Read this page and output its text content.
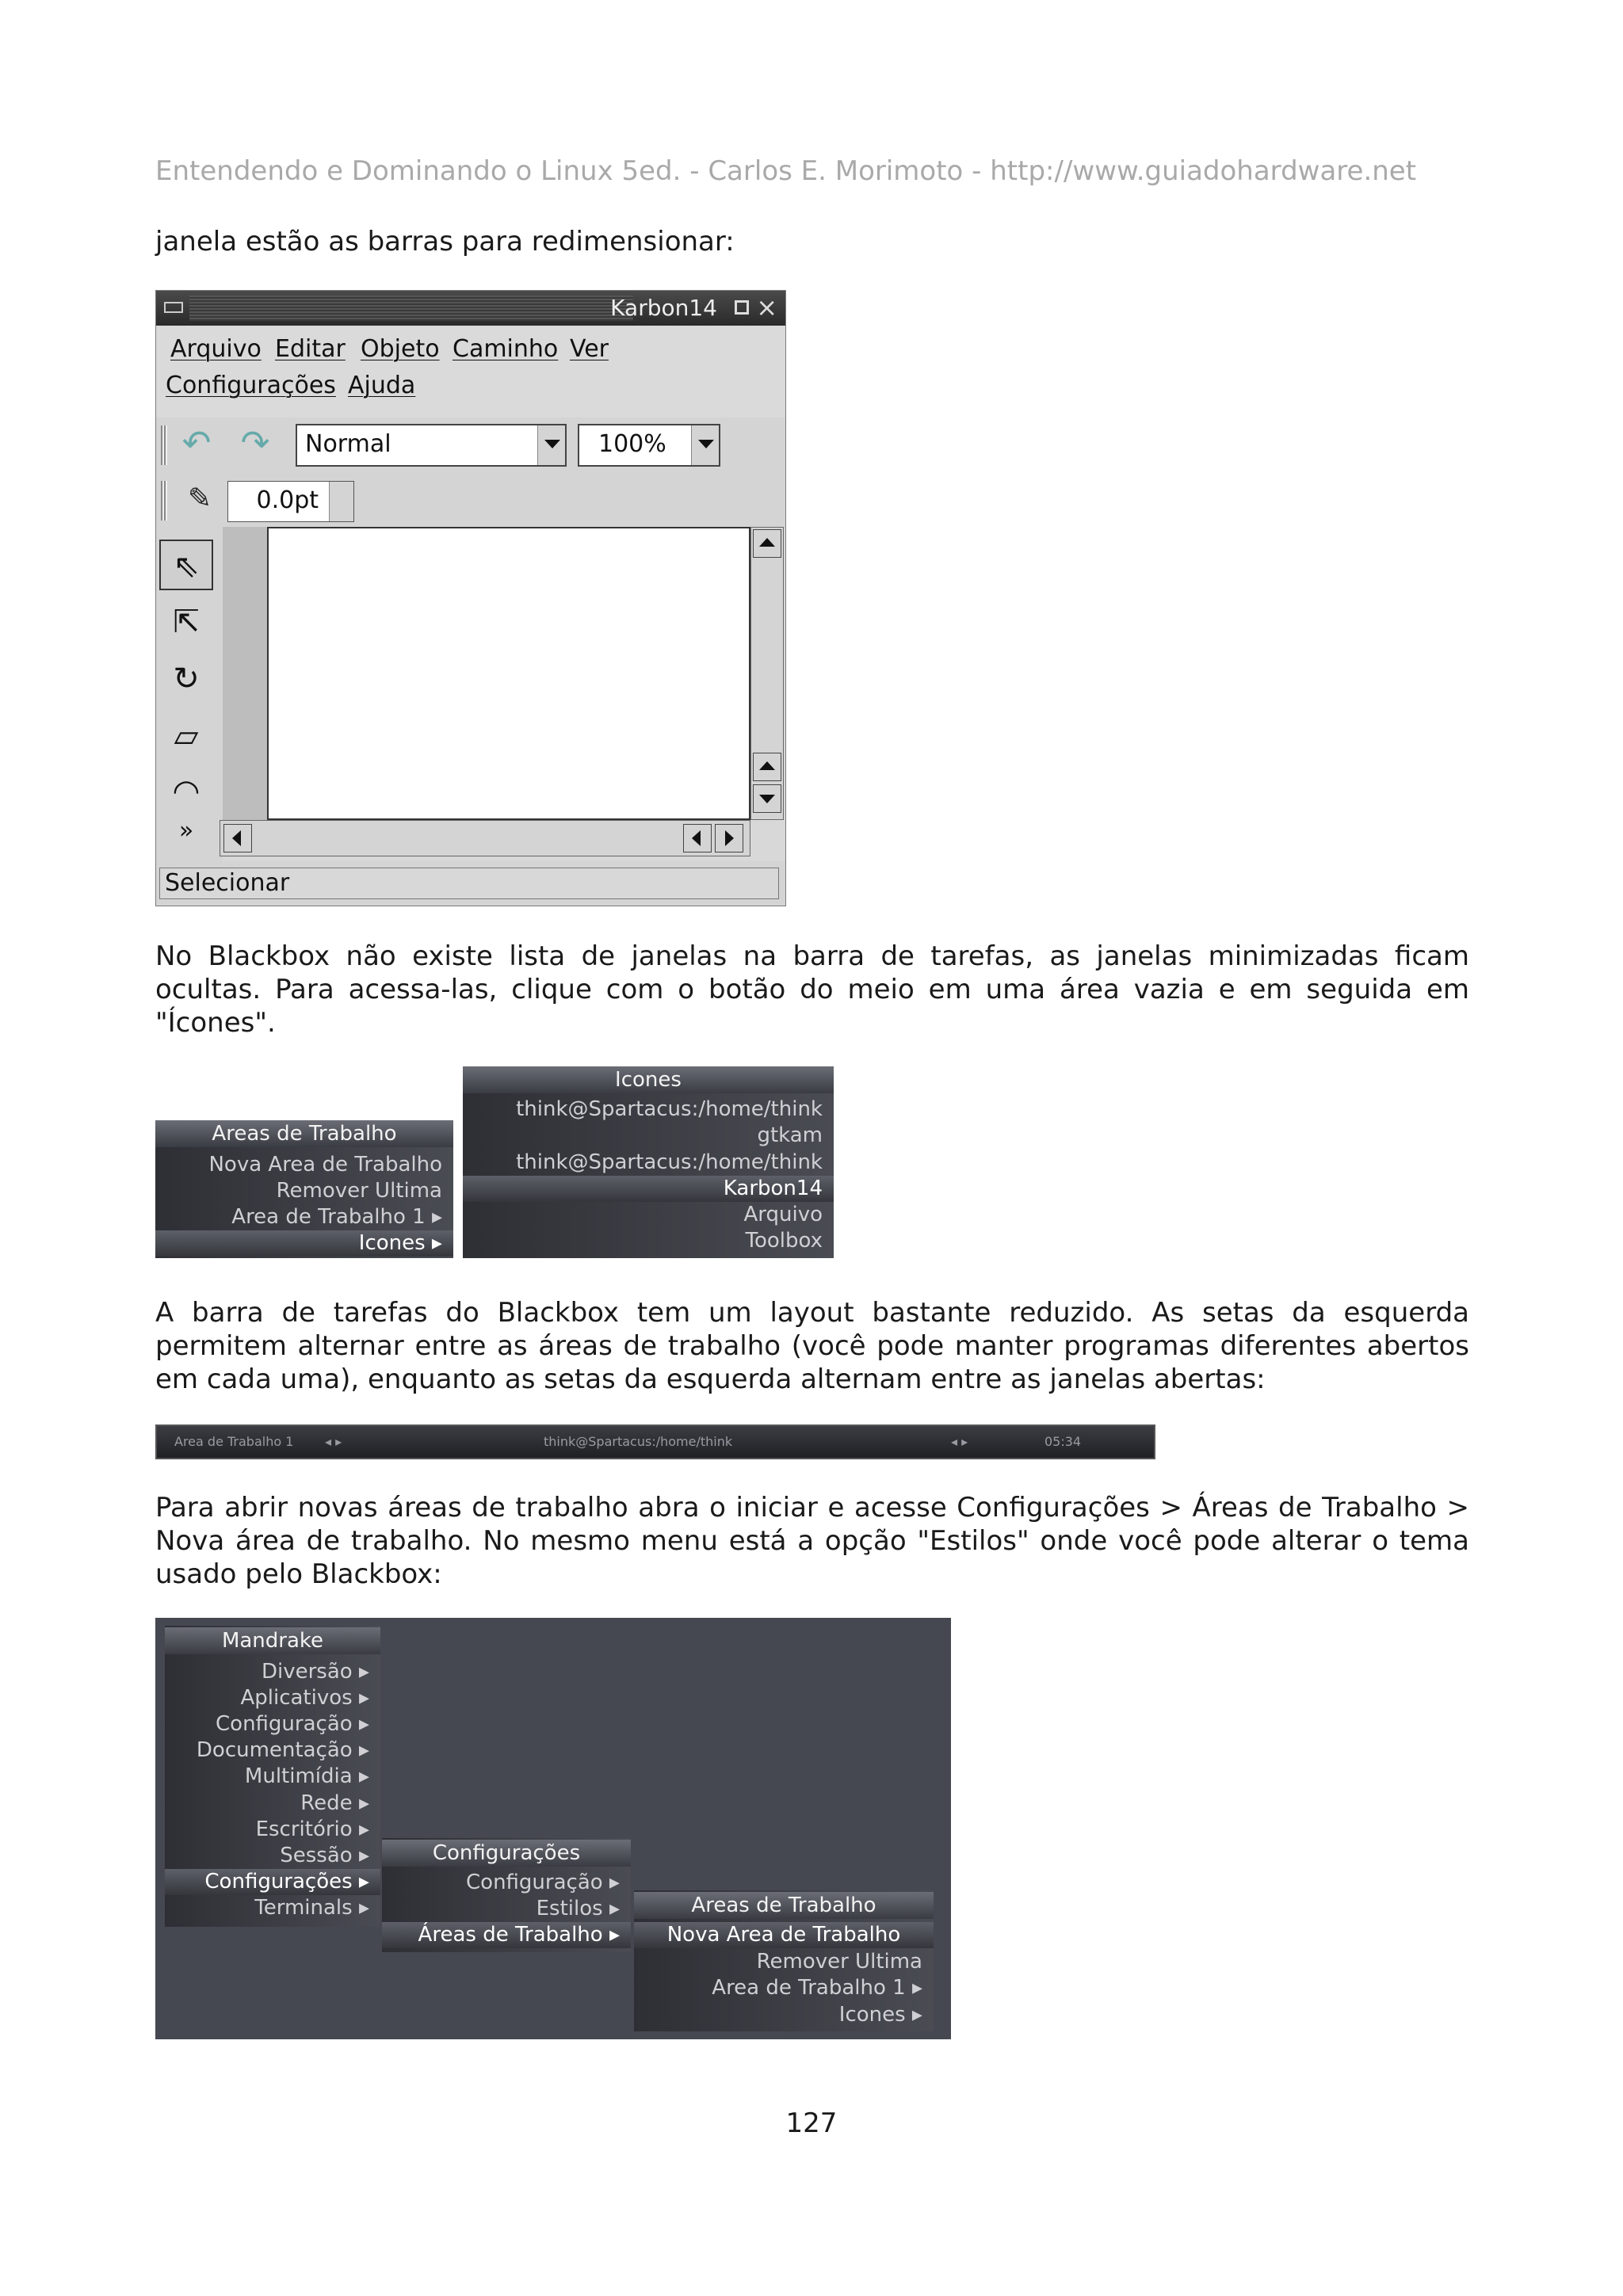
Entendendo e Dominando o Linux 5ed. - Carlos E. Morimoto - http://www.guiadohardware.net
janela estão as barras para redimensionar:
Karbon14 ×
Arquivo Editar Objeto Caminho Ver
Configurações Ajuda
↶ ↷ Normal	100%
✎	0.0pt
⇖
⇱
↻
▱
◠
»
Selecionar
No Blackbox não existe lista de janelas na barra de tarefas, as janelas minimizadas ficam ocultas. Para acessa-las, clique com o botão do meio em uma área vazia e em seguida em "Ícones".
Areas de Trabalho
Nova Area de Trabalho
Remover Ultima
Area de Trabalho 1 ▸
Icones ▸
Icones
think@Spartacus:/home/think
gtkam
think@Spartacus:/home/think
Karbon14
Arquivo
Toolbox
A barra de tarefas do Blackbox tem um layout bastante reduzido. As setas da esquerda permitem alternar entre as áreas de trabalho (você pode manter programas diferentes abertos em cada uma), enquanto as setas da esquerda alternam entre as janelas abertas:
Area de Trabalho 1 ◂ ▸	think@Spartacus:/home/think	◂ ▸	05:34
Para abrir novas áreas de trabalho abra o iniciar e acesse Configurações > Áreas de Trabalho > Nova área de trabalho. No mesmo menu está a opção "Estilos" onde você pode alterar o tema usado pelo Blackbox:
Mandrake
Diversão ▸
Aplicativos ▸
Configuração ▸
Documentação ▸
Multimídia ▸
Rede ▸
Escritório ▸
Sessão ▸
Configurações ▸
Terminals ▸
Configurações
Configuração ▸
Estilos ▸
Áreas de Trabalho ▸
Areas de Trabalho
Nova Area de Trabalho
Remover Ultima
Area de Trabalho 1 ▸
Icones ▸
127
